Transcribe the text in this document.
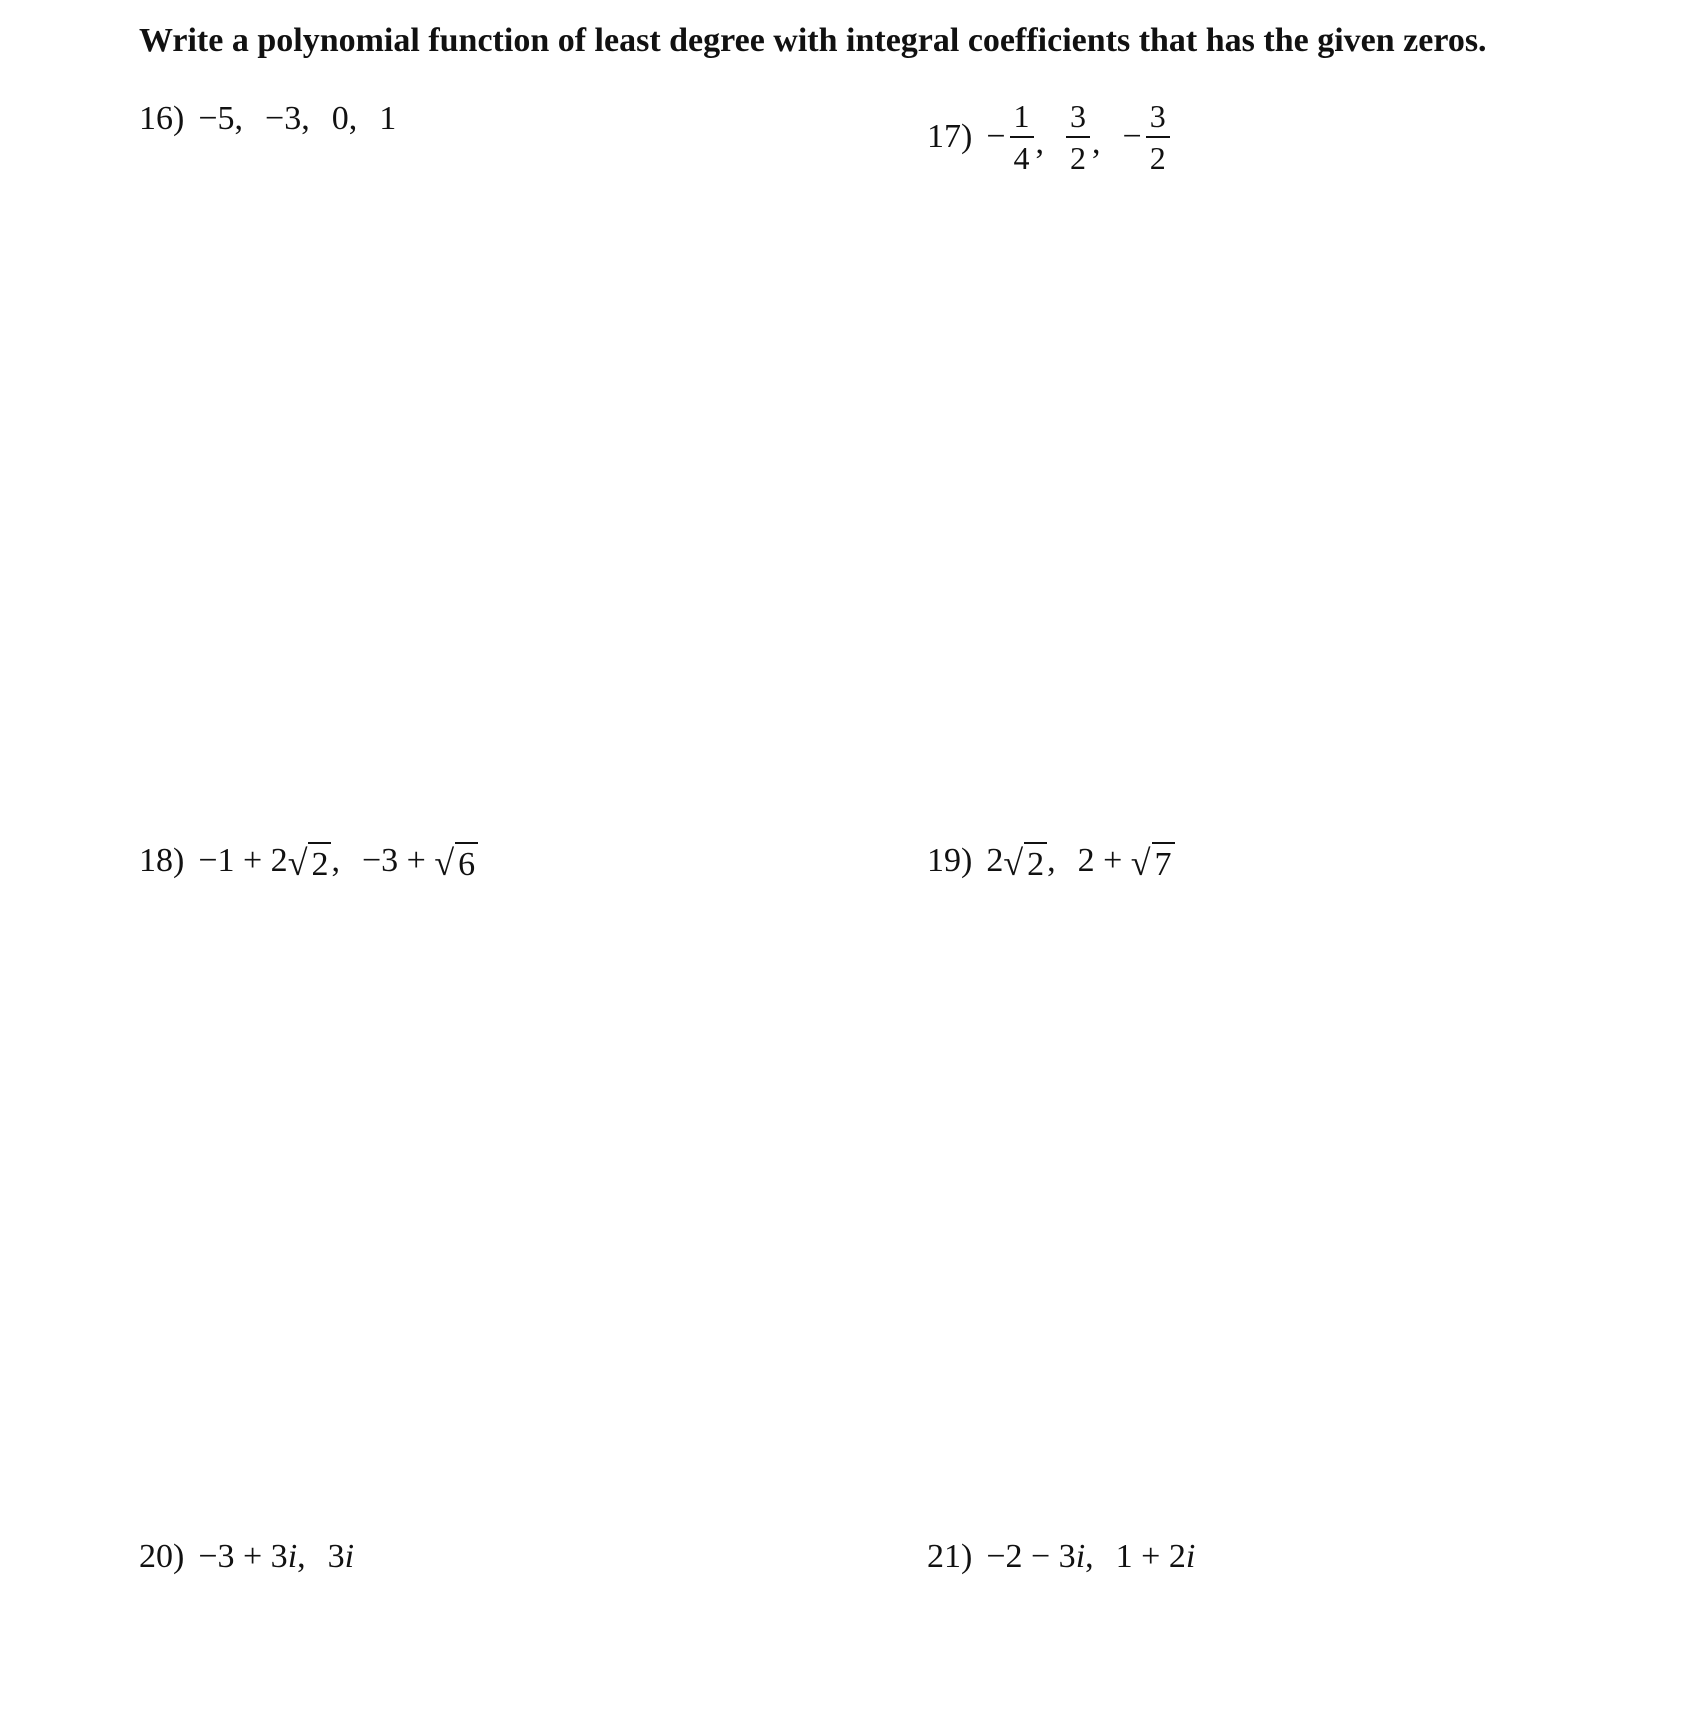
Write a polynomial function of least degree with integral coefficients that has the given zeros.
16) −5, −3, 0, 1	$17) - \frac{1}{4}$ , $\frac{3}{2}$ , − $\frac{3}{2}$
18) −1 + 2 √ 2 , −3 +
√ 6	19) 2 √ 2 , 2 +
√ 7
20) −3 + 3 i , 3 i	21) −2 − 3 i , 1 + 2 i
